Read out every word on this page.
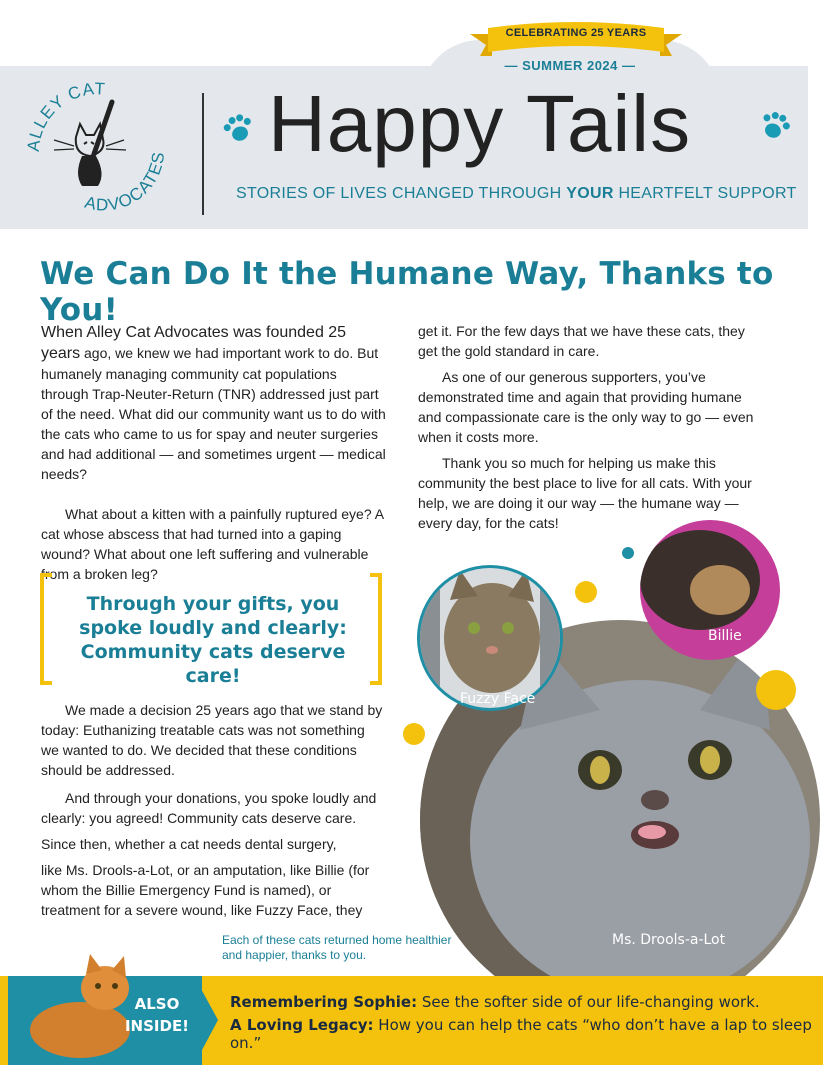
CELEBRATING 25 YEARS
— SUMMER 2024 —
ALLEY CAT
ADVOCATES Happy Tails
STORIES OF LIVES CHANGED THROUGH YOUR HEARTFELT SUPPORT
We Can Do It the Humane Way, Thanks to You!

When Alley Cat Advocates was founded 25 years ago, we knew we had important work to do. But humanely managing community cat populations through Trap-Neuter-Return (TNR) addressed just part of the need. What did our community want us to do with the cats who came to us for spay and neuter surgeries and had additional — and sometimes urgent — medical needs?

What about a kitten with a painfully ruptured eye? A cat whose abscess that had turned into a gaping wound? What about one left suffering and vulnerable from a broken leg?

Through your gifts, you spoke loudly and clearly: Community cats deserve care!

We made a decision 25 years ago that we stand by today: Euthanizing treatable cats was not something we wanted to do. We decided that these conditions should be addressed.

And through your donations, you spoke loudly and clearly: you agreed! Community cats deserve care.

Since then, whether a cat needs dental surgery,

like Ms. Drools-a-Lot, or an amputation, like Billie (for whom the Billie Emergency Fund is named), or treatment for a severe wound, like Fuzzy Face, they

get it. For the few days that we have these cats, they get the gold standard in care.

As one of our generous supporters, you’ve demonstrated time and again that providing humane and compassionate care is the only way to go — even when it costs more.

Thank you so much for helping us make this community the best place to live for all cats. With your help, we are doing it our way — the humane way — every day, for the cats!

Fuzzy Face
Billie
Ms. Drools-a-Lot
Each of these cats returned home healthier and happier, thanks to you.
ALSO
INSIDE!
Remembering Sophie: See the softer side of our life-changing work.
A Loving Legacy: How you can help the cats “who don’t have a lap to sleep on.”
